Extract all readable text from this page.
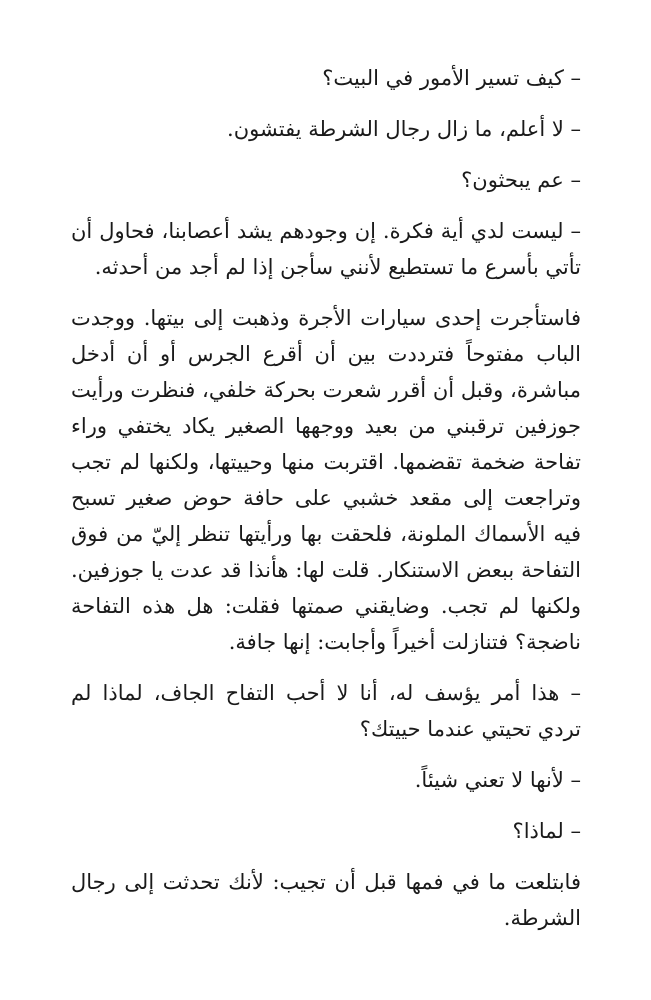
– كيف تسير الأمور في البيت؟

– لا أعلم، ما زال رجال الشرطة يفتشون.

– عم يبحثون؟

– ليست لدي أية فكرة. إن وجودهم يشد أعصابنا، فحاول أن تأتي بأسرع ما تستطيع لأنني سأجن إذا لم أجد من أحدثه.

فاستأجرت إحدى سيارات الأجرة وذهبت إلى بيتها. ووجدت الباب مفتوحاً فترددت بين أن أقرع الجرس أو أن أدخل مباشرة، وقبل أن أقرر شعرت بحركة خلفي، فنظرت ورأيت جوزفين ترقبني من بعيد ووجهها الصغير يكاد يختفي وراء تفاحة ضخمة تقضمها. اقتربت منها وحييتها، ولكنها لم تجب وتراجعت إلى مقعد خشبي على حافة حوض صغير تسبح فيه الأسماك الملونة، فلحقت بها ورأيتها تنظر إليّ من فوق التفاحة ببعض الاستنكار. قلت لها: هأنذا قد عدت يا جوزفين. ولكنها لم تجب. وضايقني صمتها فقلت: هل هذه التفاحة ناضجة؟ فتنازلت أخيراً وأجابت: إنها جافة.

– هذا أمر يؤسف له، أنا لا أحب التفاح الجاف، لماذا لم تردي تحيتي عندما حييتك؟

– لأنها لا تعني شيئاً.

– لماذا؟

فابتلعت ما في فمها قبل أن تجيب: لأنك تحدثت إلى رجال الشرطة.
